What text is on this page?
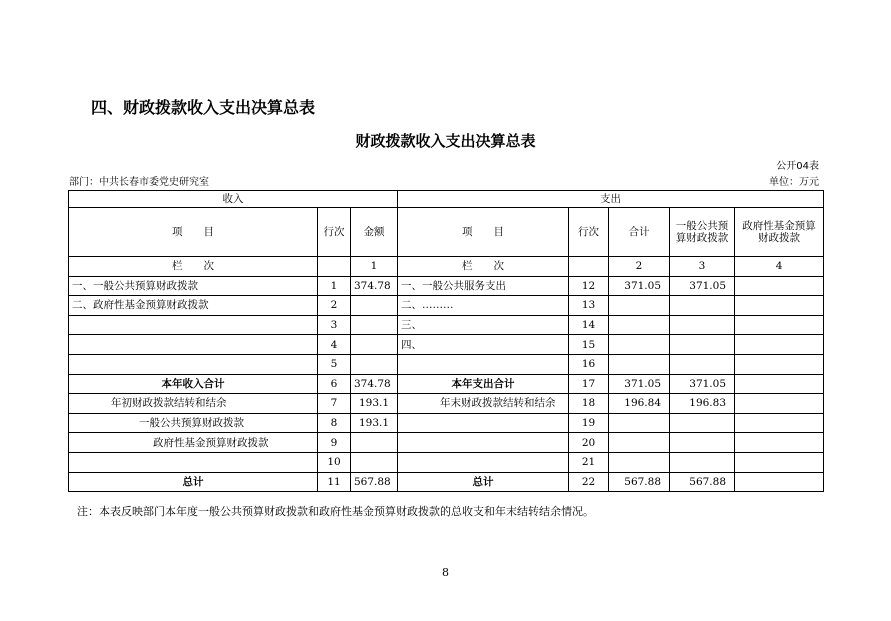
四、财政拨款收入支出决算总表
财政拨款收入支出决算总表
公开04表
部门：中共长春市委党史研究室	单位：万元
收入			支出				
项　　目	行次	金额	项　　目	行次	合计	一般公共预算财政拨款	政府性基金预算财政拨款
栏　　次		1	栏　　次		2	3	4
一、一般公共预算财政拨款	1	374.78	一、一般公共服务支出	12	371.05	371.05	
二、政府性基金预算财政拨款	2		二、………	13			
	3		三、	14			
	4		四、	15			
	5			16			
本年收入合计	6	374.78	本年支出合计	17	371.05	371.05	
年初财政拨款结转和结余	7	193.1	年末财政拨款结转和结余	18	196.84	196.83	
一般公共预算财政拨款	8	193.1		19			
政府性基金预算财政拨款	9			20			
	10			21			
总计	11	567.88	总计	22	567.88	567.88	
注：本表反映部门本年度一般公共预算财政拨款和政府性基金预算财政拨款的总收支和年末结转结余情况。
8
